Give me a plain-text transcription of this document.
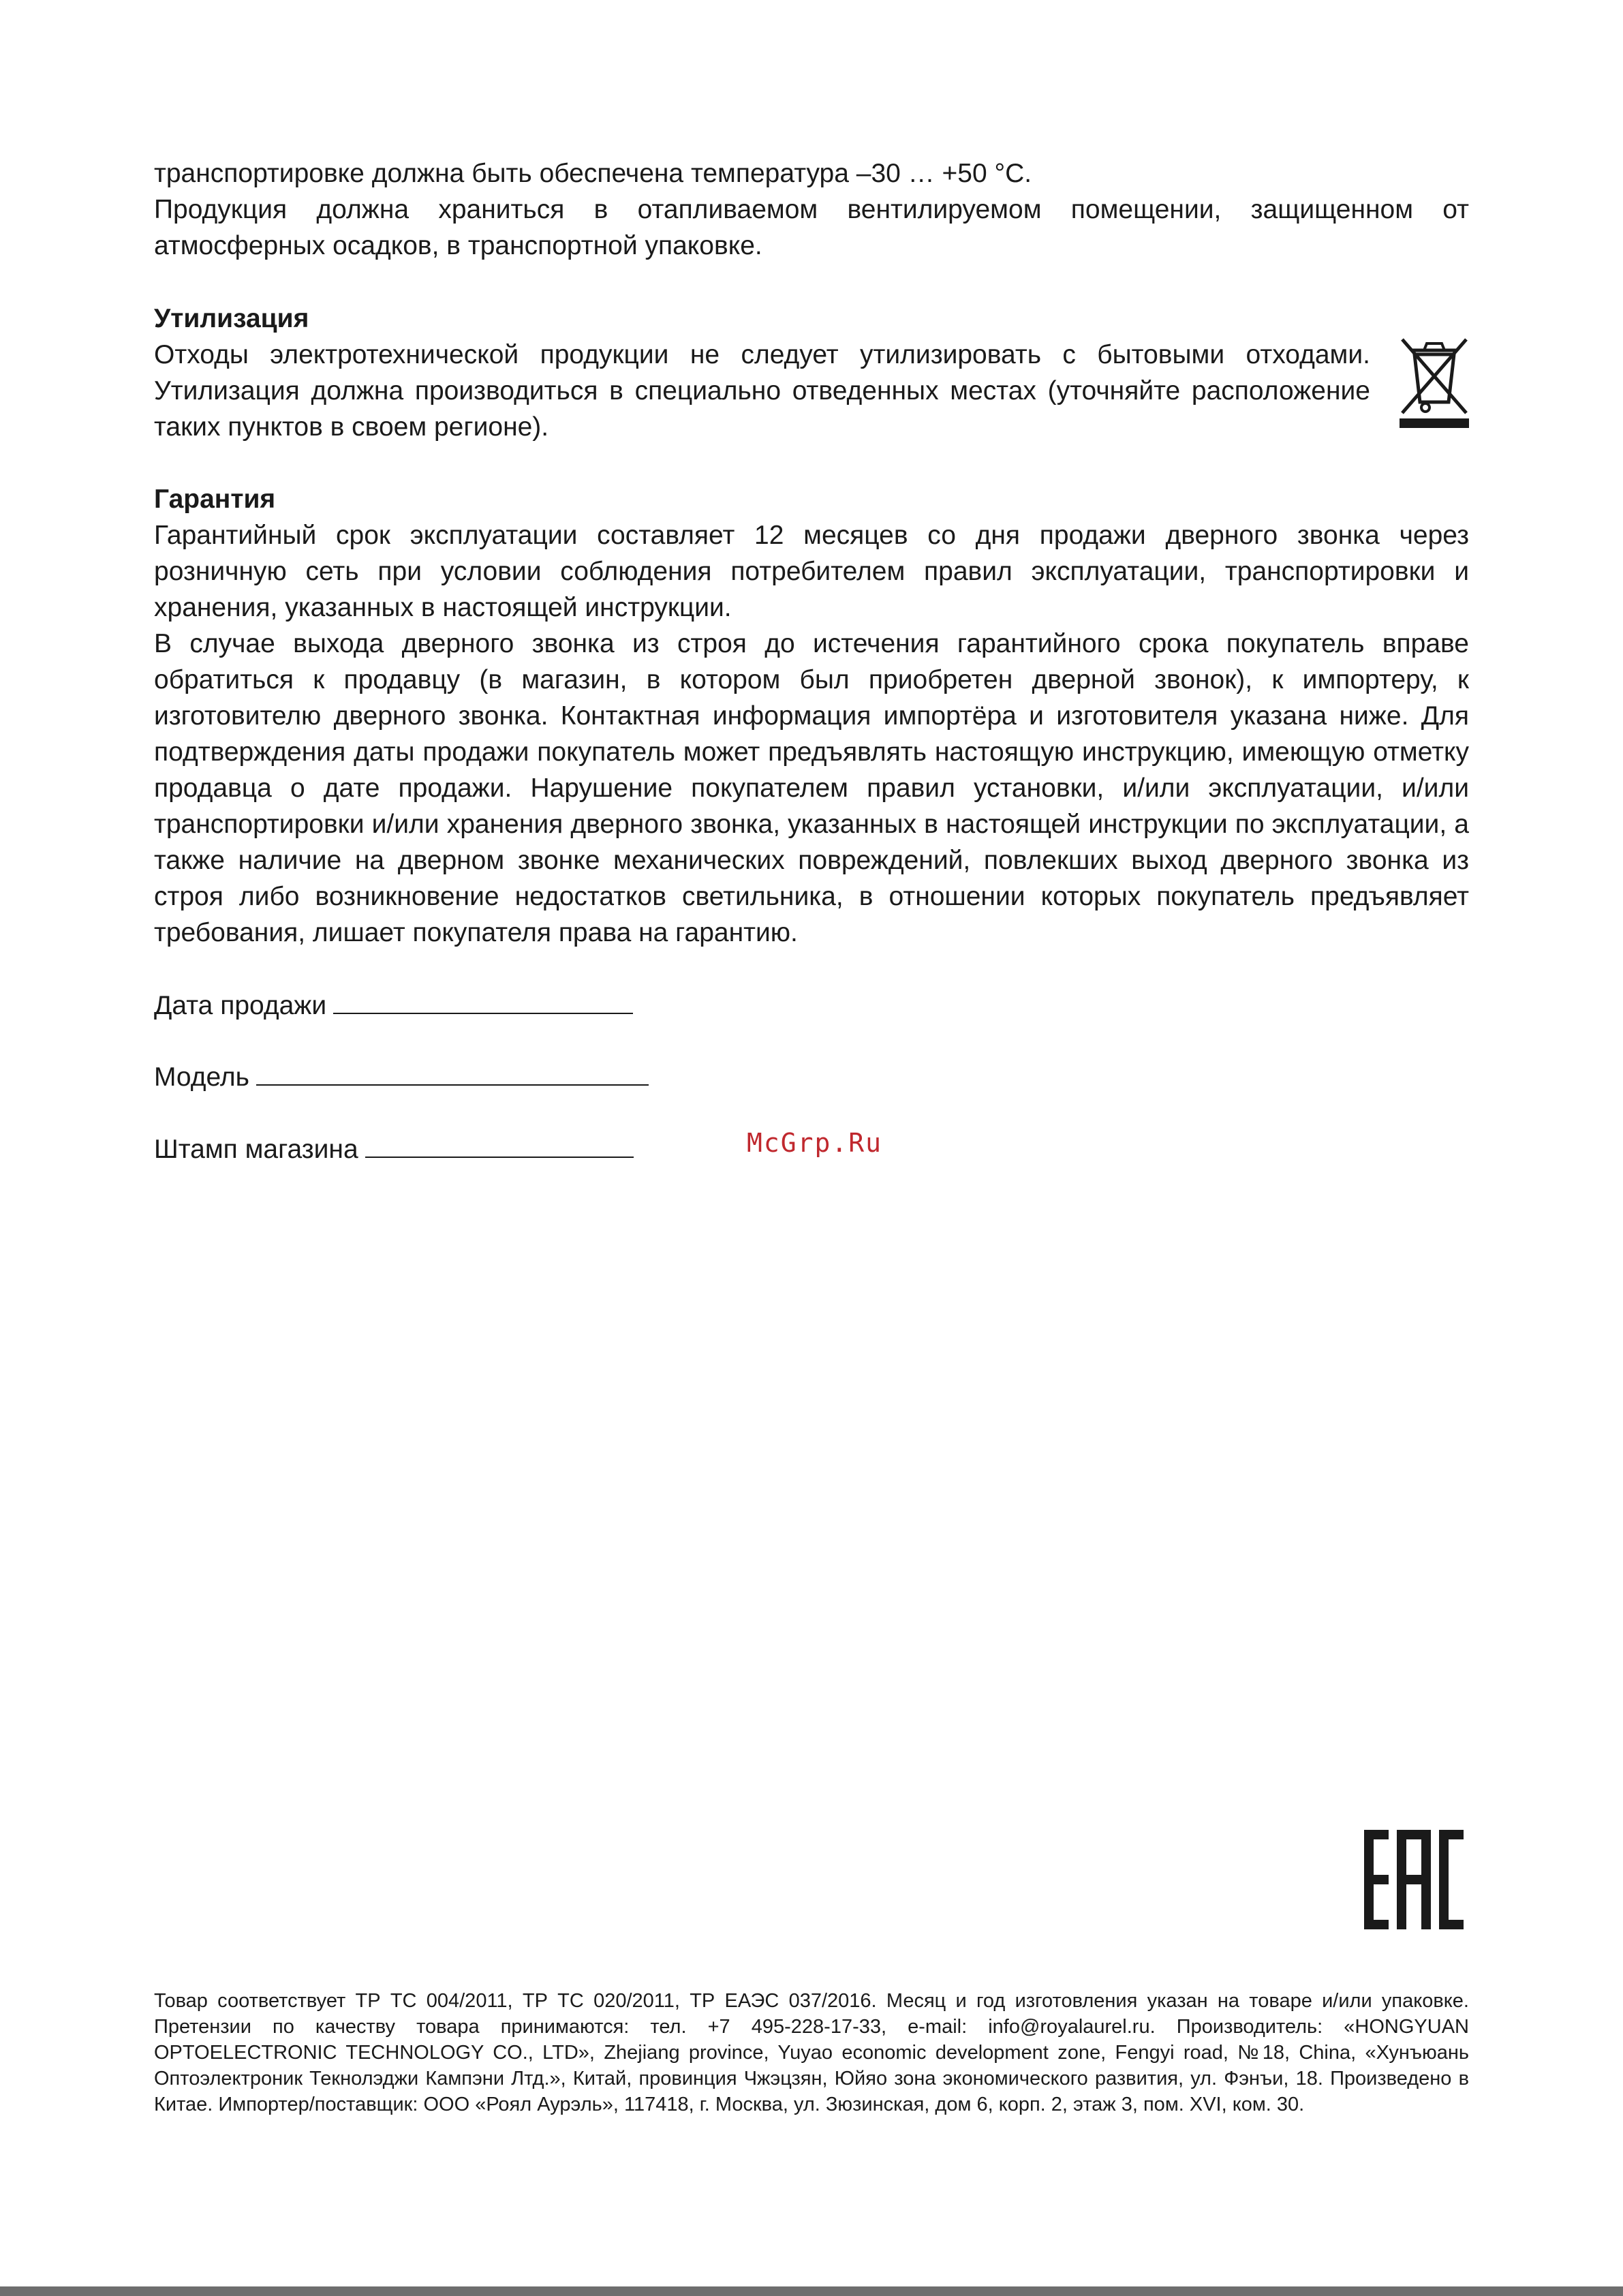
транспортировке должна быть обеспечена температура –30 … +50 °С.

Продукция должна храниться в отапливаемом вентилируемом помещении, защищенном от атмосферных осадков, в транспортной упаковке.

Утилизация

Отходы электротехнической продукции не следует утилизировать с бытовыми отходами. Утилизация должна производиться в специально отведенных местах (уточняйте расположение таких пунктов в своем регионе).

Гарантия

Гарантийный срок эксплуатации составляет 12 месяцев со дня продажи дверного звонка через розничную сеть при условии соблюдения потребителем правил эксплуатации, транспортировки и хранения, указанных в настоящей инструкции.

В случае выхода дверного звонка из строя до истечения гарантийного срока покупатель вправе обратиться к продавцу (в магазин, в котором был приобретен дверной звонок), к импортеру, к изготовителю дверного звонка. Контактная информация импортёра и изготовителя указана ниже. Для подтверждения даты продажи покупатель может предъявлять настоящую инструкцию, имеющую отметку продавца о дате продажи. Нарушение покупателем правил установки, и/или эксплуатации, и/или транспортировки и/или хранения дверного звонка, указанных в настоящей инструкции по эксплуатации, а также наличие на дверном звонке механических повреждений, повлекших выход дверного звонка из строя либо возникновение недостатков светильника, в отношении которых покупатель предъявляет требования, лишает покупателя права на гарантию.

Дата продажи
Модель
Штамп магазина	McGrp.Ru

Товар соответствует ТР ТС 004/2011, ТР ТС 020/2011, ТР ЕАЭС 037/2016. Месяц и год изготовления указан на товаре и/или упаковке. Претензии по качеству товара принимаются: тел. +7 495-228-17-33, e-mail: info@royalaurel.ru. Производитель: «HONGYUAN OPTOELECTRONIC TECHNOLOGY CO., LTD», Zhejiang province, Yuyao economic development zone, Fengyi road, №18, China, «Хунъюань Оптоэлектроник Текнолэджи Кампэни Лтд.», Китай, провинция Чжэцзян, Юйяо зона экономического развития, ул. Фэнъи, 18. Произведено в Китае. Импортер/поставщик: ООО «Роял Аурэль», 117418, г. Москва, ул. Зюзинская, дом 6, корп. 2, этаж 3, пом. XVI, ком. 30.
